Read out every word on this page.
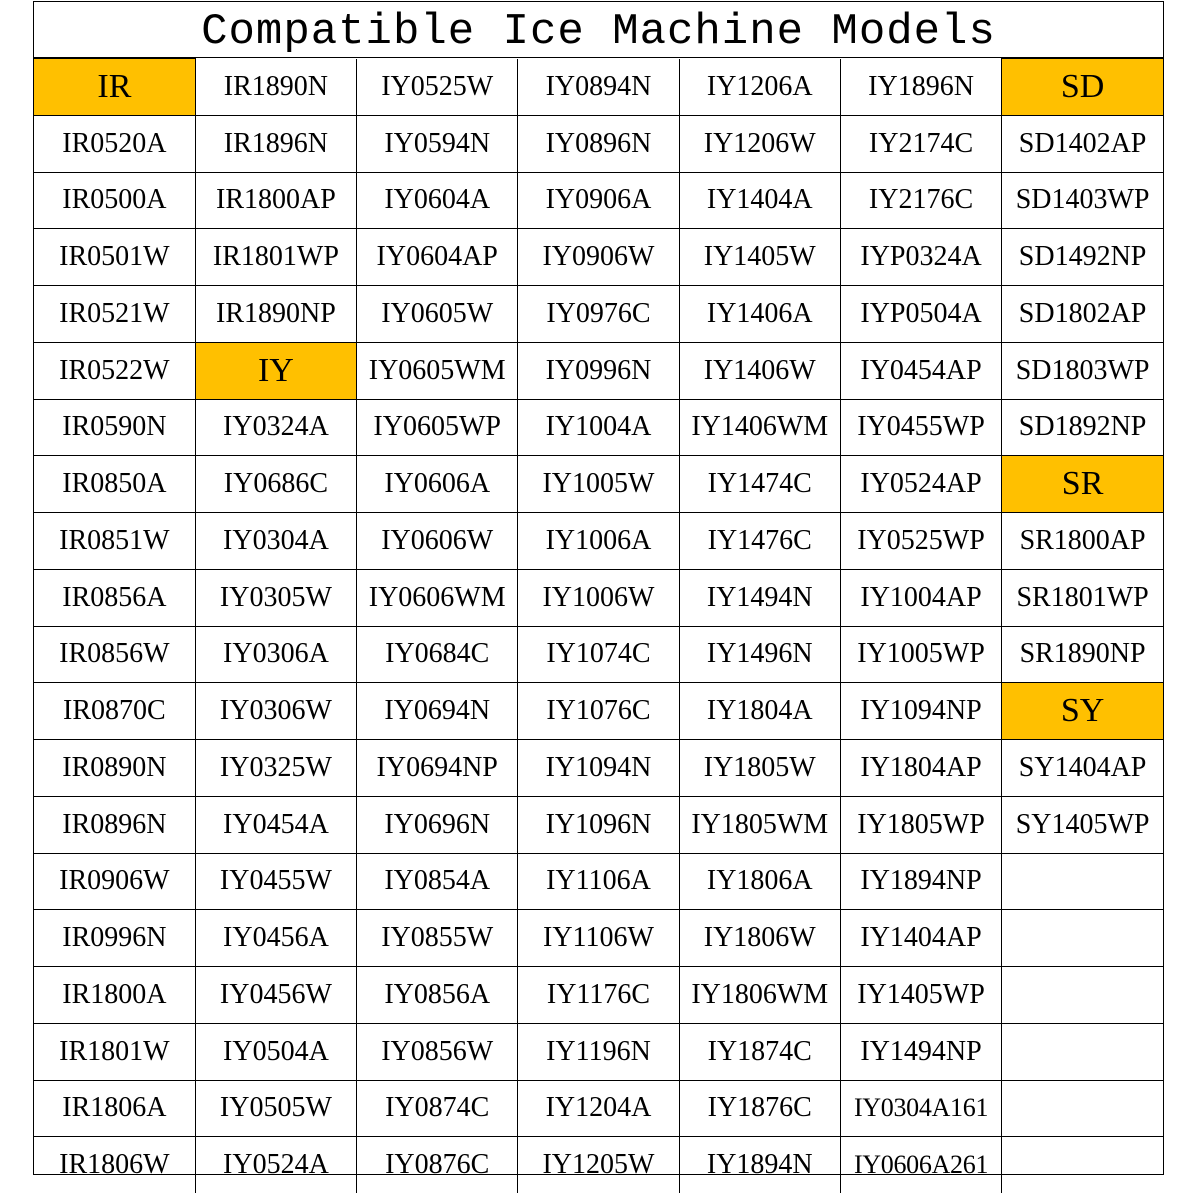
Compatible Ice Machine Models
IR	IR1890N	IY0525W	IY0894N	IY1206A	IY1896N	SD
IR0520A	IR1896N	IY0594N	IY0896N	IY1206W	IY2174C	SD1402AP
IR0500A	IR1800AP	IY0604A	IY0906A	IY1404A	IY2176C	SD1403WP
IR0501W	IR1801WP	IY0604AP	IY0906W	IY1405W	IYP0324A	SD1492NP
IR0521W	IR1890NP	IY0605W	IY0976C	IY1406A	IYP0504A	SD1802AP
IR0522W	IY	IY0605WM	IY0996N	IY1406W	IY0454AP	SD1803WP
IR0590N	IY0324A	IY0605WP	IY1004A	IY1406WM	IY0455WP	SD1892NP
IR0850A	IY0686C	IY0606A	IY1005W	IY1474C	IY0524AP	SR
IR0851W	IY0304A	IY0606W	IY1006A	IY1476C	IY0525WP	SR1800AP
IR0856A	IY0305W	IY0606WM	IY1006W	IY1494N	IY1004AP	SR1801WP
IR0856W	IY0306A	IY0684C	IY1074C	IY1496N	IY1005WP	SR1890NP
IR0870C	IY0306W	IY0694N	IY1076C	IY1804A	IY1094NP	SY
IR0890N	IY0325W	IY0694NP	IY1094N	IY1805W	IY1804AP	SY1404AP
IR0896N	IY0454A	IY0696N	IY1096N	IY1805WM	IY1805WP	SY1405WP
IR0906W	IY0455W	IY0854A	IY1106A	IY1806A	IY1894NP	
IR0996N	IY0456A	IY0855W	IY1106W	IY1806W	IY1404AP	
IR1800A	IY0456W	IY0856A	IY1176C	IY1806WM	IY1405WP	
IR1801W	IY0504A	IY0856W	IY1196N	IY1874C	IY1494NP	
IR1806A	IY0505W	IY0874C	IY1204A	IY1876C	IY0304A161	
IR1806W	IY0524A	IY0876C	IY1205W	IY1894N	IY0606A261	
